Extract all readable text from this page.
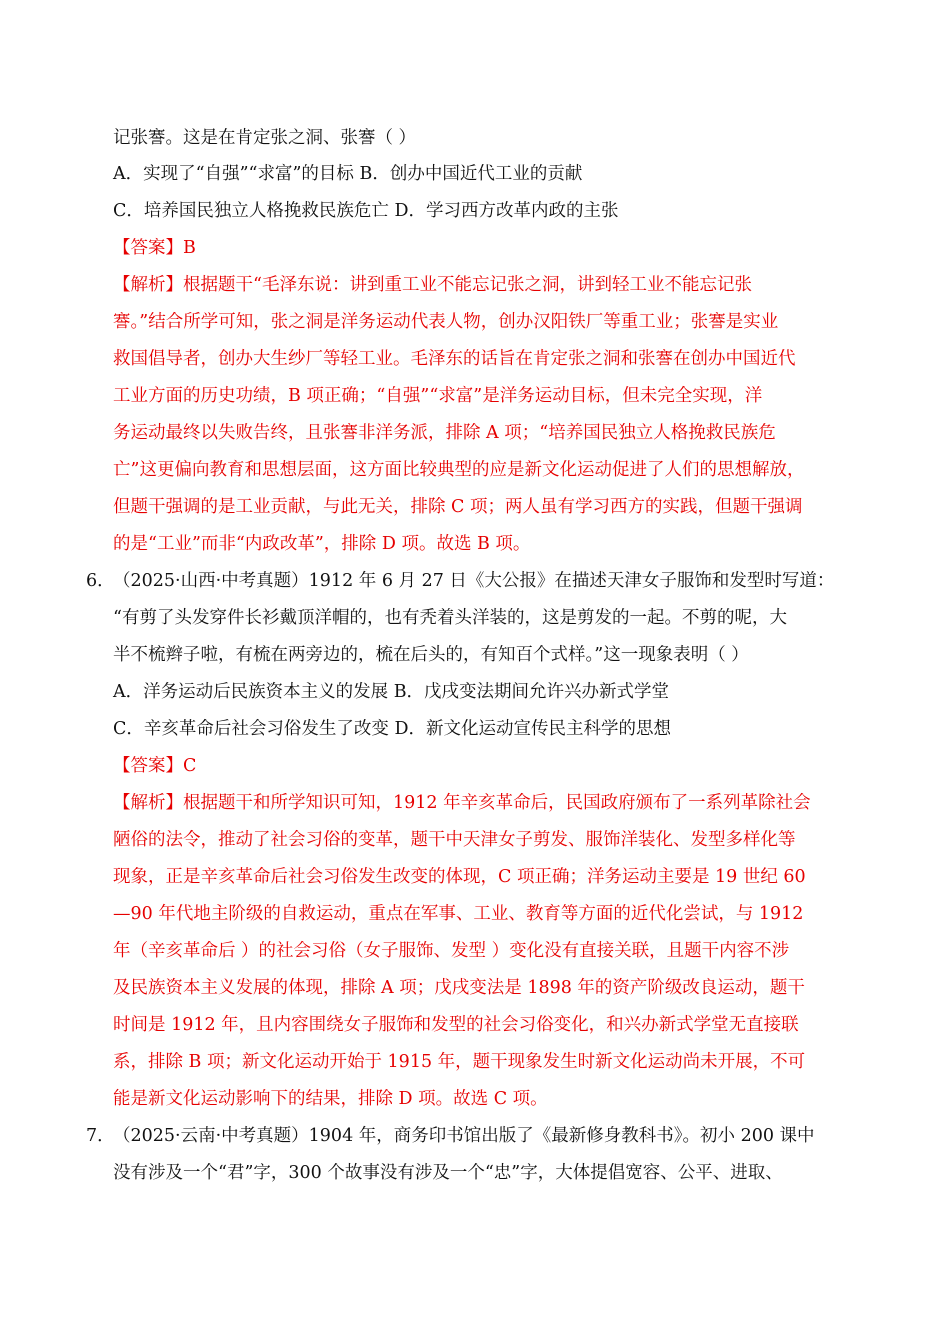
记张謇。这是在肯定张之洞、张謇（ ）
A．实现了“自强”“求富”的目标 B．创办中国近代工业的贡献
C．培养国民独立人格挽救民族危亡 D．学习西方改革内政的主张
【答案】B
【解析】根据题干“毛泽东说：讲到重工业不能忘记张之洞，讲到轻工业不能忘记张
謇。”结合所学可知，张之洞是洋务运动代表人物，创办汉阳铁厂等重工业；张謇是实业
救国倡导者，创办大生纱厂等轻工业。毛泽东的话旨在肯定张之洞和张謇在创办中国近代
工业方面的历史功绩，B 项正确；“自强”“求富”是洋务运动目标，但未完全实现，洋
务运动最终以失败告终，且张謇非洋务派，排除 A 项；“培养国民独立人格挽救民族危
亡”这更偏向教育和思想层面，这方面比较典型的应是新文化运动促进了人们的思想解放，
但题干强调的是工业贡献，与此无关，排除 C 项；两人虽有学习西方的实践，但题干强调
的是“工业”而非“内政改革”，排除 D 项。故选 B 项。
6．
（2025·山西·中考真题）1912 年 6 月 27 日《大公报》在描述天津女子服饰和发型时写道：
“有剪了头发穿件长衫戴顶洋帽的，也有秃着头洋装的，这是剪发的一起。不剪的呢，大
半不梳辫子啦，有梳在两旁边的，梳在后头的，有知百个式样。”这一现象表明（ ）
A．洋务运动后民族资本主义的发展 B．戊戌变法期间允许兴办新式学堂
C．辛亥革命后社会习俗发生了改变 D．新文化运动宣传民主科学的思想
【答案】C
【解析】根据题干和所学知识可知，1912 年辛亥革命后，民国政府颁布了一系列革除社会
陋俗的法令，推动了社会习俗的变革，题干中天津女子剪发、服饰洋装化、发型多样化等
现象，正是辛亥革命后社会习俗发生改变的体现，C 项正确；洋务运动主要是 19 世纪 60
—90 年代地主阶级的自救运动，重点在军事、工业、教育等方面的近代化尝试，与 1912
年（辛亥革命后 ）的社会习俗（女子服饰、发型 ）变化没有直接关联，且题干内容不涉
及民族资本主义发展的体现，排除 A 项；戊戌变法是 1898 年的资产阶级改良运动，题干
时间是 1912 年，且内容围绕女子服饰和发型的社会习俗变化，和兴办新式学堂无直接联
系，排除 B 项；新文化运动开始于 1915 年，题干现象发生时新文化运动尚未开展，不可
能是新文化运动影响下的结果，排除 D 项。故选 C 项。
7．
（2025·云南·中考真题）1904 年，商务印书馆出版了《最新修身教科书》。初小 200 课中
没有涉及一个“君”字，300 个故事没有涉及一个“忠”字，大体提倡宽容、公平、进取、
